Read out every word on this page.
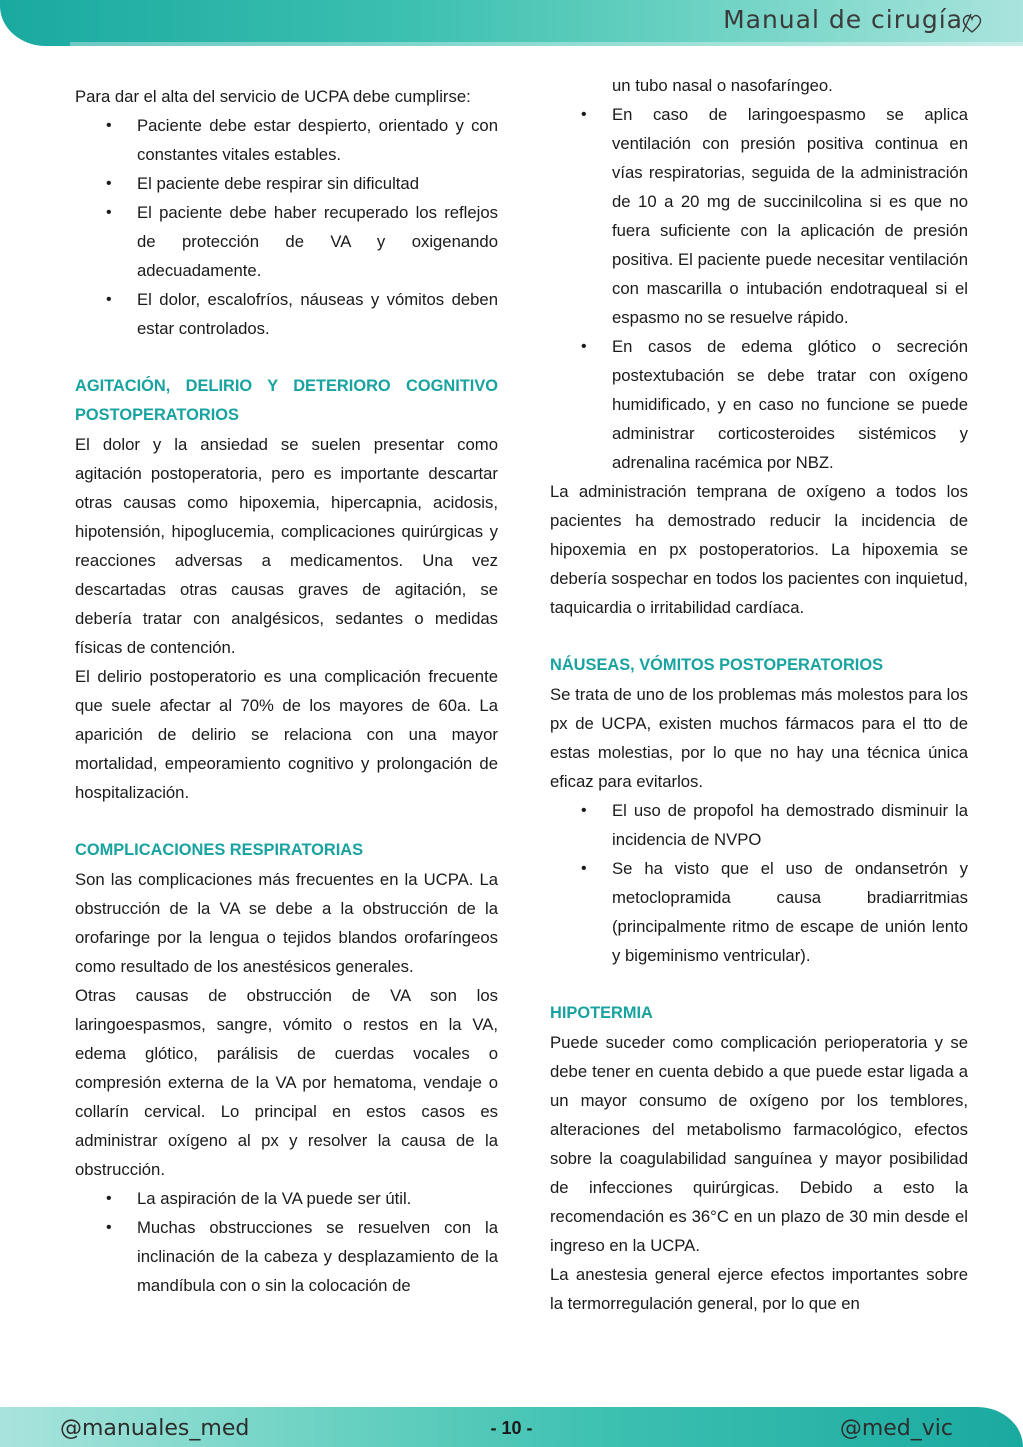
Manual de cirugía

Para dar el alta del servicio de UCPA debe cumplirse:

• Paciente debe estar despierto, orientado y con constantes vitales estables.
• El paciente debe respirar sin dificultad
• El paciente debe haber recuperado los reflejos de protección de VA y oxigenando adecuadamente.
• El dolor, escalofríos, náuseas y vómitos deben estar controlados.
AGITACIÓN, DELIRIO Y DETERIORO COGNITIVO POSTOPERATORIOS

El dolor y la ansiedad se suelen presentar como agitación postoperatoria, pero es importante descartar otras causas como hipoxemia, hipercapnia, acidosis, hipotensión, hipoglucemia, complicaciones quirúrgicas y reacciones adversas a medicamentos. Una vez descartadas otras causas graves de agitación, se debería tratar con analgésicos, sedantes o medidas físicas de contención.

El delirio postoperatorio es una complicación frecuente que suele afectar al 70% de los mayores de 60a. La aparición de delirio se relaciona con una mayor mortalidad, empeoramiento cognitivo y prolongación de hospitalización.

COMPLICACIONES RESPIRATORIAS

Son las complicaciones más frecuentes en la UCPA. La obstrucción de la VA se debe a la obstrucción de la orofaringe por la lengua o tejidos blandos orofaríngeos como resultado de los anestésicos generales.

Otras causas de obstrucción de VA son los laringoespasmos, sangre, vómito o restos en la VA, edema glótico, parálisis de cuerdas vocales o compresión externa de la VA por hematoma, vendaje o collarín cervical. Lo principal en estos casos es administrar oxígeno al px y resolver la causa de la obstrucción.

• La aspiración de la VA puede ser útil.
• Muchas obstrucciones se resuelven con la inclinación de la cabeza y desplazamiento de la mandíbula con o sin la colocación de
un tubo nasal o nasofaríngeo.
• En caso de laringoespasmo se aplica ventilación con presión positiva continua en vías respiratorias, seguida de la administración de 10 a 20 mg de succinilcolina si es que no fuera suficiente con la aplicación de presión positiva. El paciente puede necesitar ventilación con mascarilla o intubación endotraqueal si el espasmo no se resuelve rápido.
• En casos de edema glótico o secreción postextubación se debe tratar con oxígeno humidificado, y en caso no funcione se puede administrar corticosteroides sistémicos y adrenalina racémica por NBZ.

La administración temprana de oxígeno a todos los pacientes ha demostrado reducir la incidencia de hipoxemia en px postoperatorios. La hipoxemia se debería sospechar en todos los pacientes con inquietud, taquicardia o irritabilidad cardíaca.

NÁUSEAS, VÓMITOS POSTOPERATORIOS

Se trata de uno de los problemas más molestos para los px de UCPA, existen muchos fármacos para el tto de estas molestias, por lo que no hay una técnica única eficaz para evitarlos.

• El uso de propofol ha demostrado disminuir la incidencia de NVPO
• Se ha visto que el uso de ondansetrón y metoclopramida causa bradiarritmias (principalmente ritmo de escape de unión lento y bigeminismo ventricular).
HIPOTERMIA

Puede suceder como complicación perioperatoria y se debe tener en cuenta debido a que puede estar ligada a un mayor consumo de oxígeno por los temblores, alteraciones del metabolismo farmacológico, efectos sobre la coagulabilidad sanguínea y mayor posibilidad de infecciones quirúrgicas. Debido a esto la recomendación es 36°C en un plazo de 30 min desde el ingreso en la UCPA.

La anestesia general ejerce efectos importantes sobre la termorregulación general, por lo que en

@manuales_med	- 10 -	@med_vic
